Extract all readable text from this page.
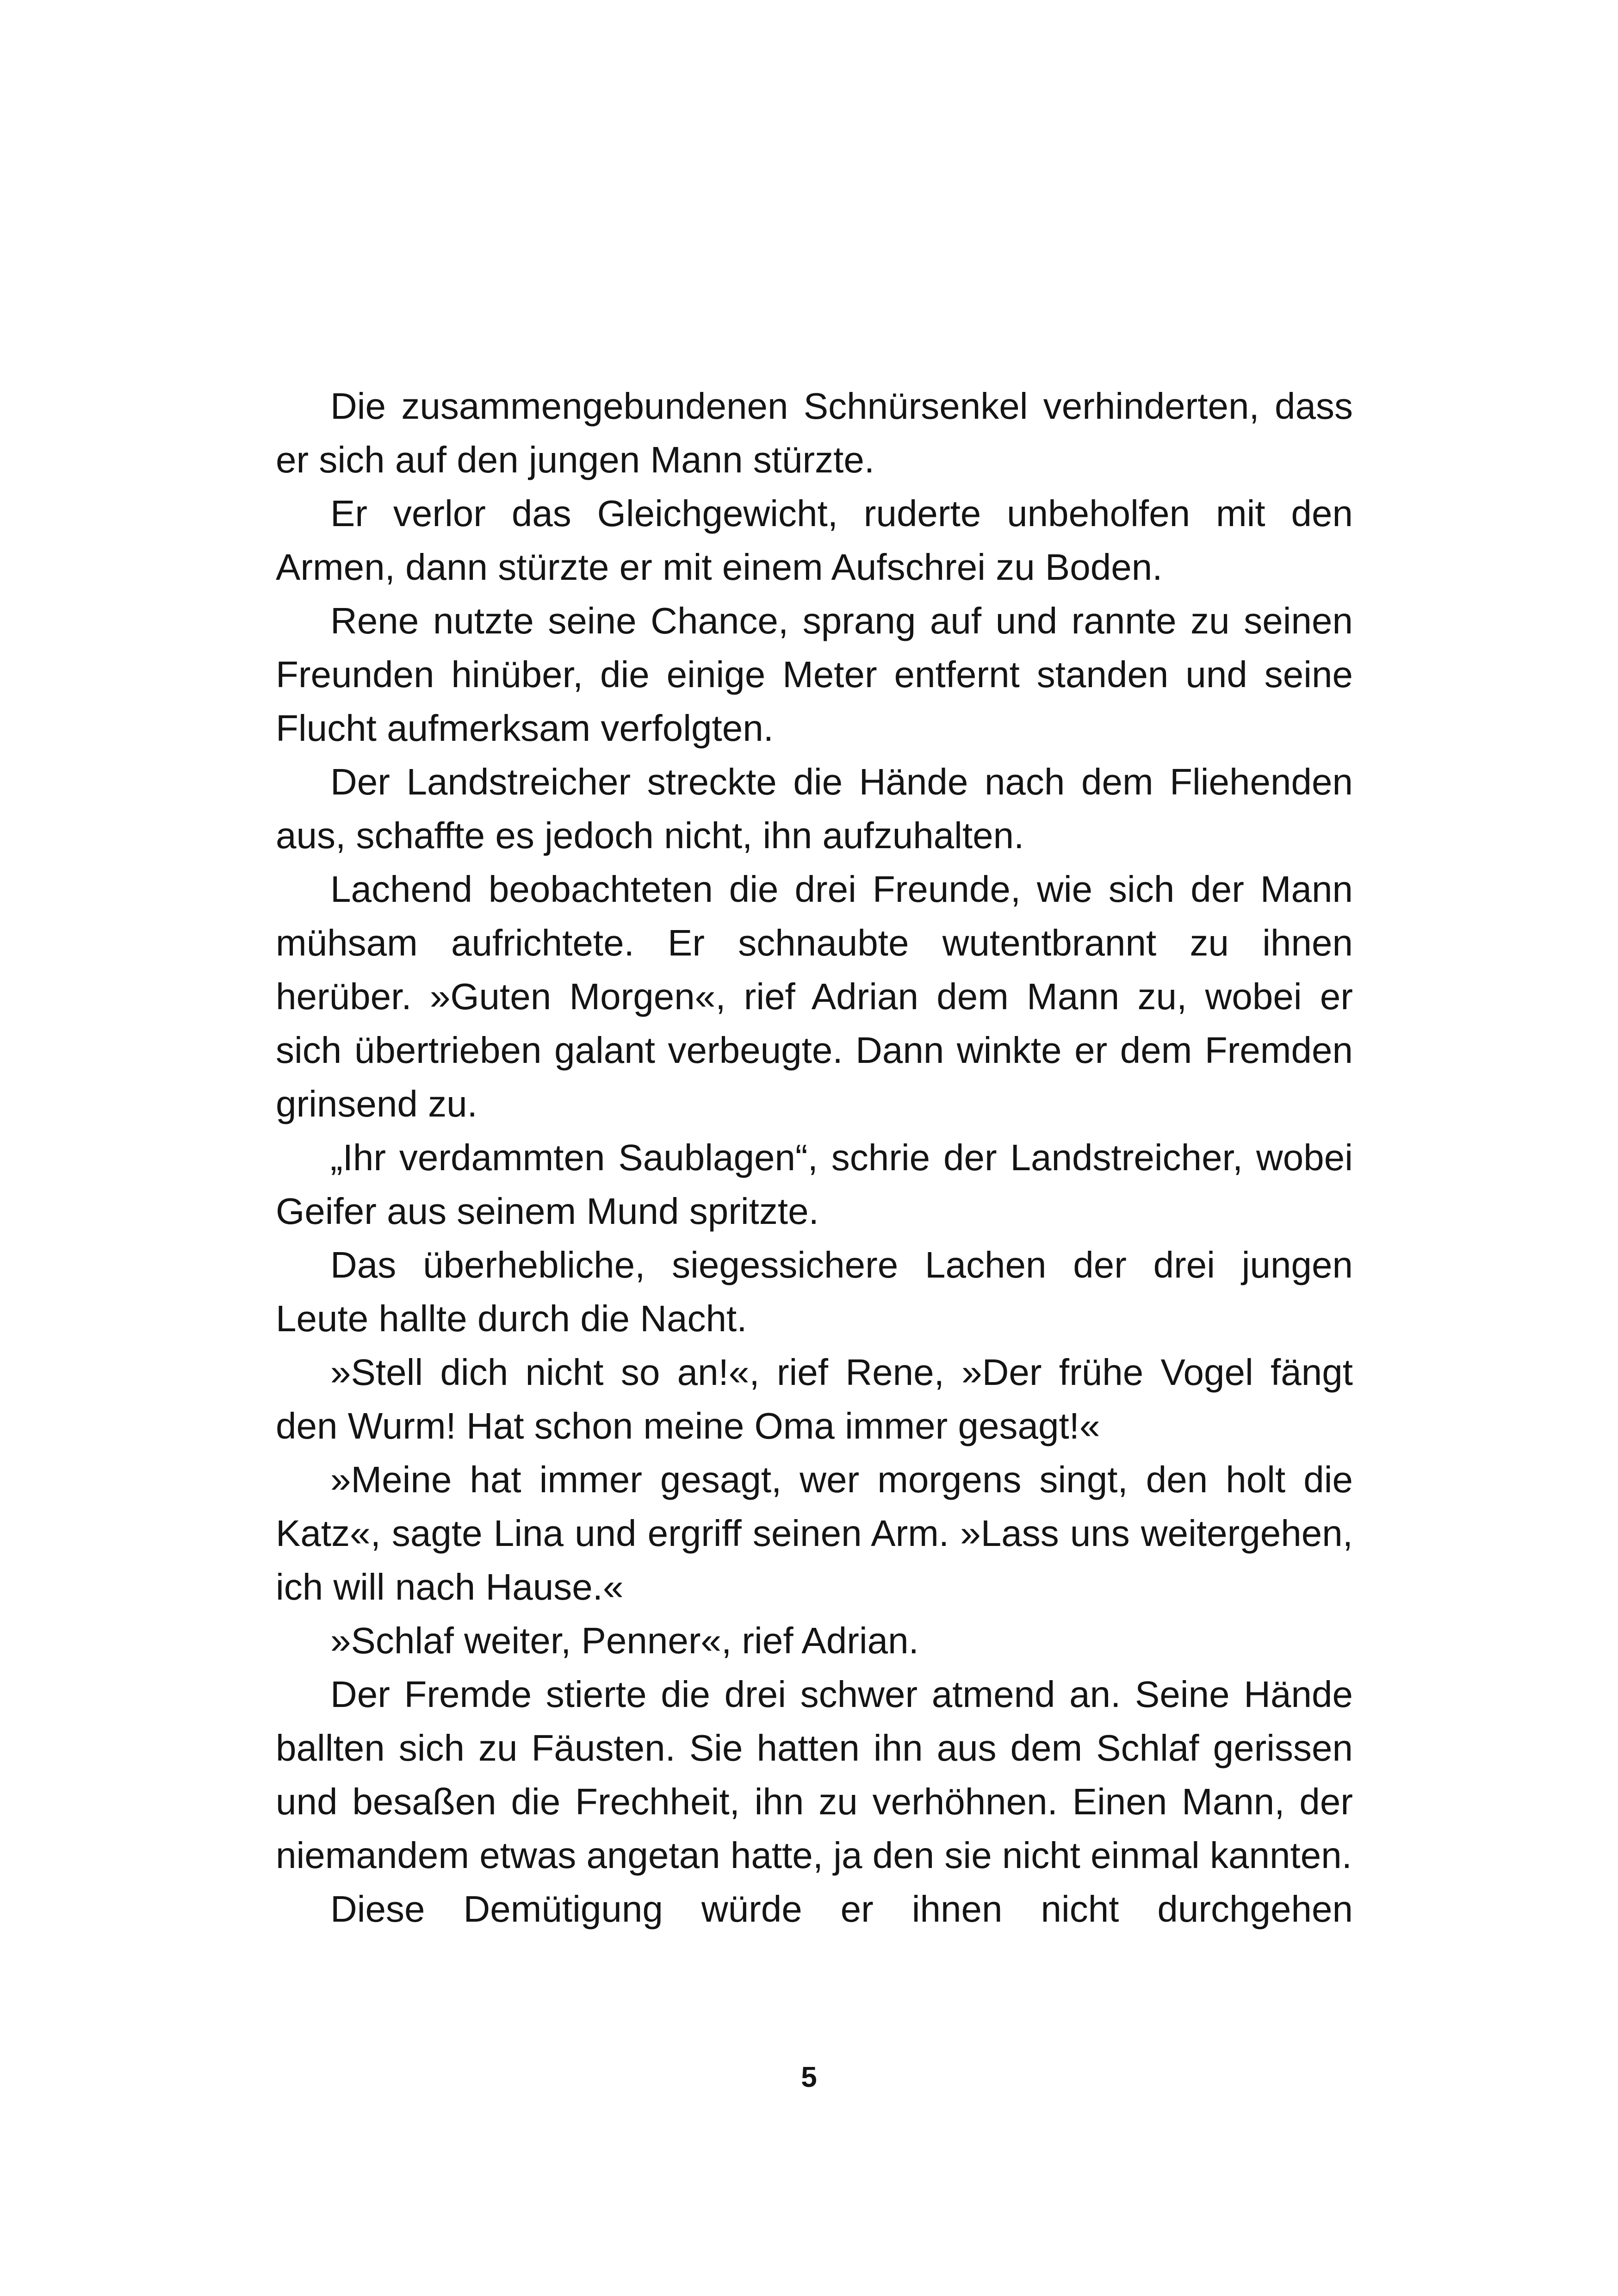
Die zusammengebundenen Schnürsenkel verhinderten, dass er sich auf den jungen Mann stürzte.

Er verlor das Gleichgewicht, ruderte unbeholfen mit den Armen, dann stürzte er mit einem Aufschrei zu Boden.

Rene nutzte seine Chance, sprang auf und rannte zu seinen Freunden hinüber, die einige Meter entfernt standen und seine Flucht aufmerksam verfolgten.

Der Landstreicher streckte die Hände nach dem Fliehenden aus, schaffte es jedoch nicht, ihn aufzuhalten.

Lachend beobachteten die drei Freunde, wie sich der Mann mühsam aufrichtete. Er schnaubte wutentbrannt zu ihnen herüber. »Guten Morgen«, rief Adrian dem Mann zu, wobei er sich übertrieben galant verbeugte. Dann winkte er dem Fremden grinsend zu.

„Ihr verdammten Saublagen“, schrie der Landstreicher, wobei Geifer aus seinem Mund spritzte.

Das überhebliche, siegessichere Lachen der drei jungen Leute hallte durch die Nacht.

»Stell dich nicht so an!«, rief Rene, »Der frühe Vogel fängt den Wurm! Hat schon meine Oma immer gesagt!«

»Meine hat immer gesagt, wer morgens singt, den holt die Katz«, sagte Lina und ergriff seinen Arm. »Lass uns weitergehen, ich will nach Hause.«

»Schlaf weiter, Penner«, rief Adrian.

Der Fremde stierte die drei schwer atmend an. Seine Hände ballten sich zu Fäusten. Sie hatten ihn aus dem Schlaf gerissen und besaßen die Frechheit, ihn zu verhöhnen. Einen Mann, der niemandem etwas angetan hatte, ja den sie nicht einmal kannten.

Diese Demütigung würde er ihnen nicht durchgehen

5
